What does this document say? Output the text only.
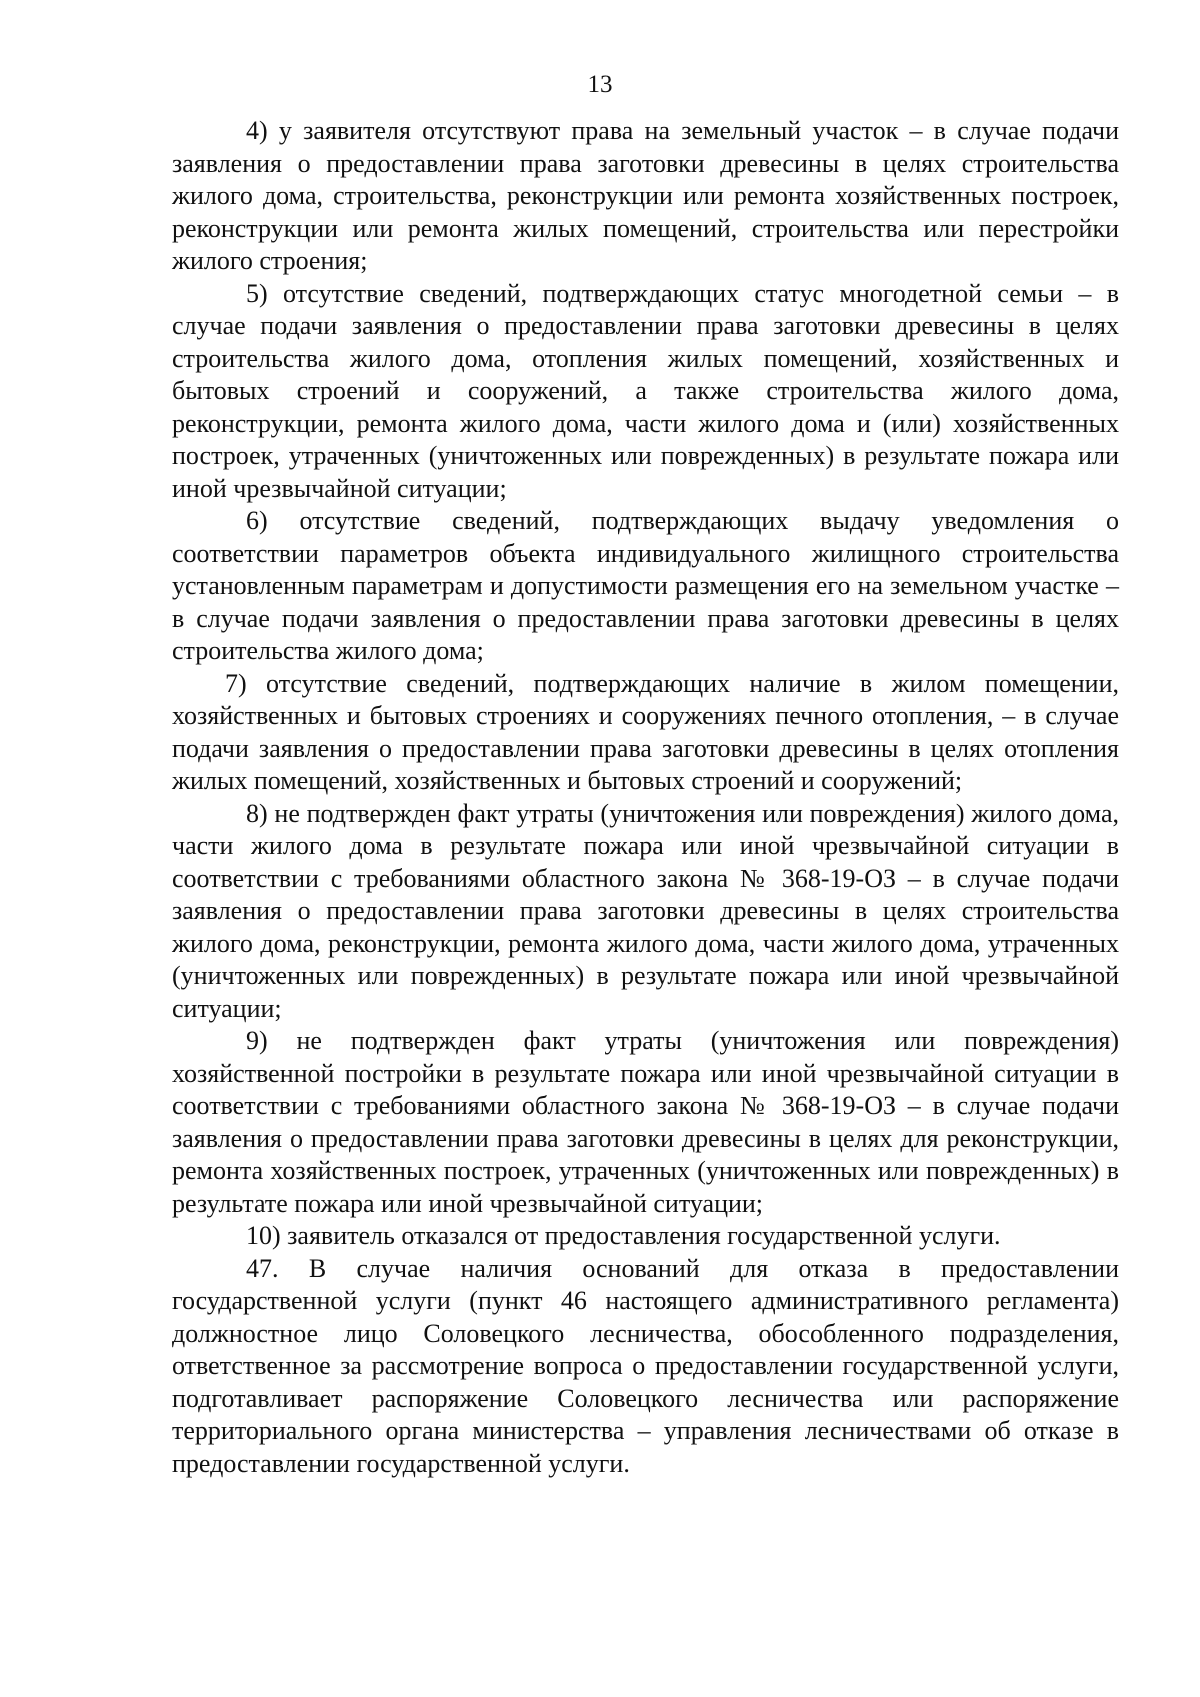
13

4) у заявителя отсутствуют права на земельный участок – в случае подачи заявления о предоставлении права заготовки древесины в целях строительства жилого дома, строительства, реконструкции или ремонта хозяйственных построек, реконструкции или ремонта жилых помещений, строительства или перестройки жилого строения;

5) отсутствие сведений, подтверждающих статус многодетной семьи – в случае подачи заявления о предоставлении права заготовки древесины в целях строительства жилого дома, отопления жилых помещений, хозяйственных и бытовых строений и сооружений, а также строительства жилого дома, реконструкции, ремонта жилого дома, части жилого дома и (или) хозяйственных построек, утраченных (уничтоженных или поврежденных) в результате пожара или иной чрезвычайной ситуации;

6) отсутствие сведений, подтверждающих выдачу уведомления о соответствии параметров объекта индивидуального жилищного строительства установленным параметрам и допустимости размещения его на земельном участке – в случае подачи заявления о предоставлении права заготовки древесины в целях строительства жилого дома;

7) отсутствие сведений, подтверждающих наличие в жилом помещении, хозяйственных и бытовых строениях и сооружениях печного отопления, – в случае подачи заявления о предоставлении права заготовки древесины в целях отопления жилых помещений, хозяйственных и бытовых строений и сооружений;

8) не подтвержден факт утраты (уничтожения или повреждения) жилого дома, части жилого дома в результате пожара или иной чрезвычайной ситуации в соответствии с требованиями областного закона № 368-19-ОЗ – в случае подачи заявления о предоставлении права заготовки древесины в целях строительства жилого дома, реконструкции, ремонта жилого дома, части жилого дома, утраченных (уничтоженных или поврежденных) в результате пожара или иной чрезвычайной ситуации;

9) не подтвержден факт утраты (уничтожения или повреждения) хозяйственной постройки в результате пожара или иной чрезвычайной ситуации в соответствии с требованиями областного закона № 368-19-ОЗ – в случае подачи заявления о предоставлении права заготовки древесины в целях для реконструкции, ремонта хозяйственных построек, утраченных (уничтоженных или поврежденных) в результате пожара или иной чрезвычайной ситуации;

10) заявитель отказался от предоставления государственной услуги.

47. В случае наличия оснований для отказа в предоставлении государственной услуги (пункт 46 настоящего административного регламента) должностное лицо Соловецкого лесничества, обособленного подразделения, ответственное за рассмотрение вопроса о предоставлении государственной услуги, подготавливает распоряжение Соловецкого лесничества или распоряжение территориального органа министерства – управления лесничествами об отказе в предоставлении государственной услуги.
